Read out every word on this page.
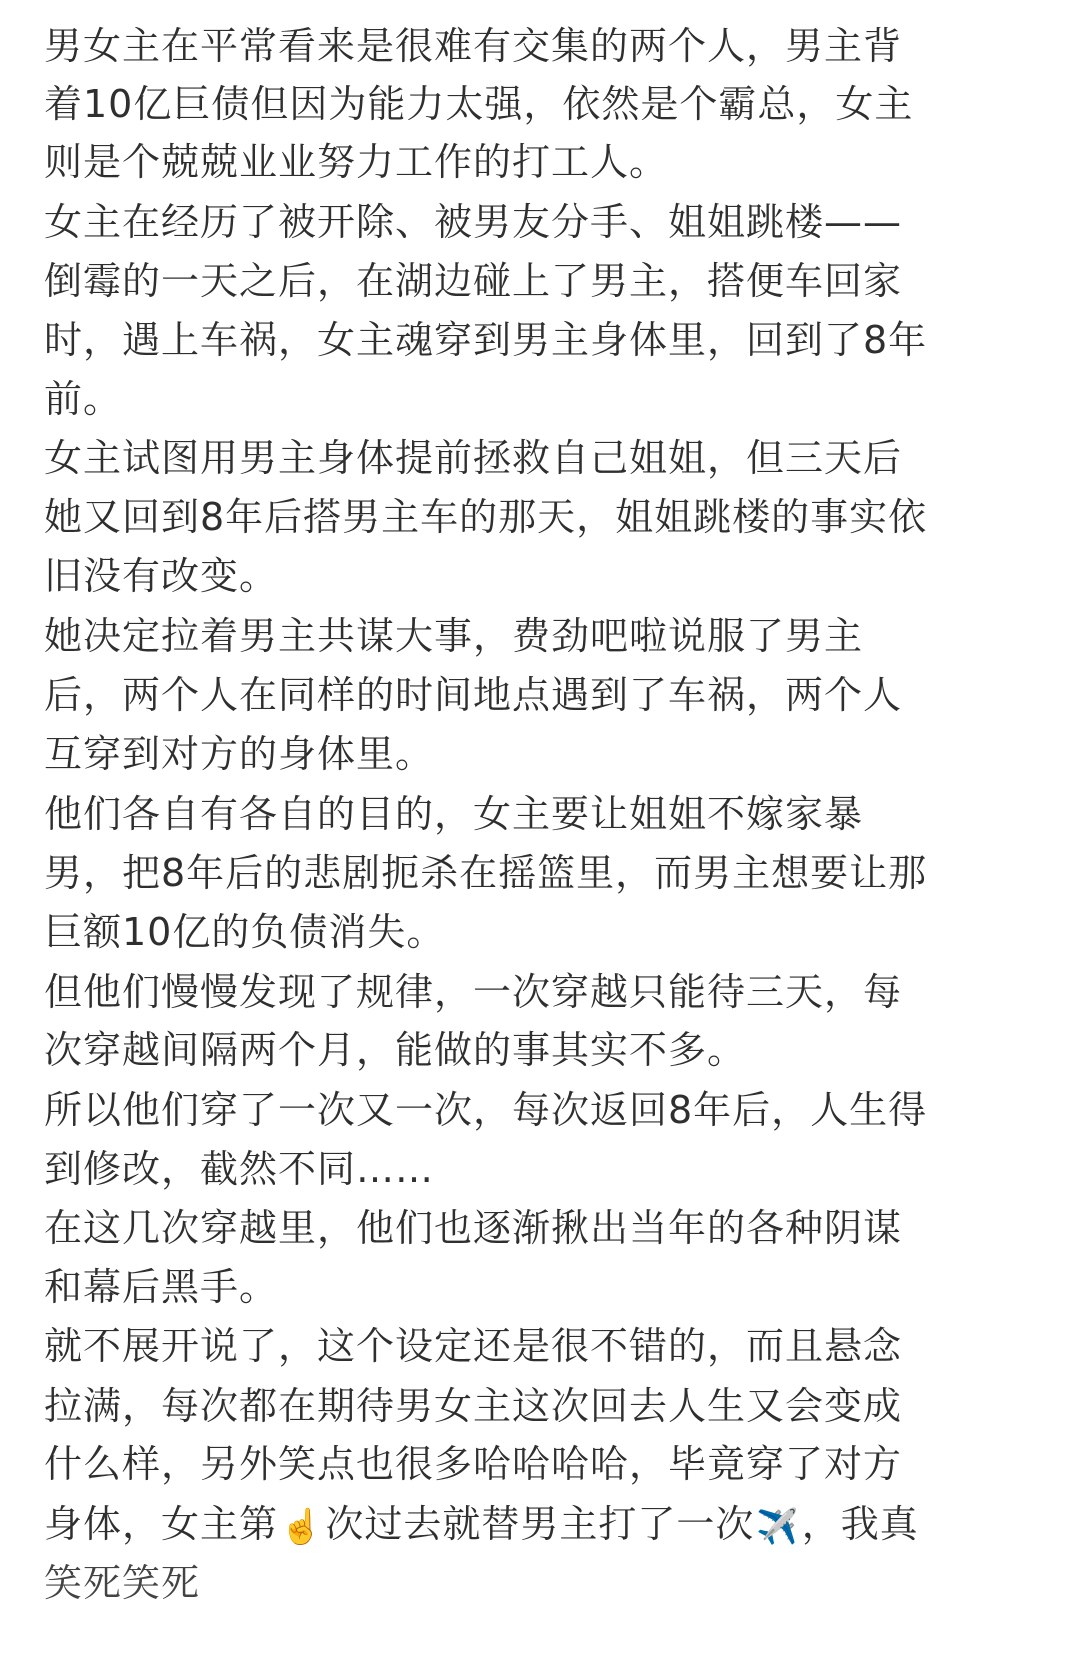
男女主在平常看来是很难有交集的两个人，男主背
着10亿巨债但因为能力太强，依然是个霸总，女主
则是个兢兢业业努力工作的打工人。
女主在经历了被开除、被男友分手、姐姐跳楼——
倒霉的一天之后，在湖边碰上了男主，搭便车回家
时，遇上车祸，女主魂穿到男主身体里，回到了8年
前。
女主试图用男主身体提前拯救自己姐姐，但三天后
她又回到8年后搭男主车的那天，姐姐跳楼的事实依
旧没有改变。
她决定拉着男主共谋大事，费劲吧啦说服了男主
后，两个人在同样的时间地点遇到了车祸，两个人
互穿到对方的身体里。
他们各自有各自的目的，女主要让姐姐不嫁家暴
男，把8年后的悲剧扼杀在摇篮里，而男主想要让那
巨额10亿的负债消失。
但他们慢慢发现了规律，一次穿越只能待三天，每
次穿越间隔两个月，能做的事其实不多。
所以他们穿了一次又一次，每次返回8年后，人生得
到修改，截然不同……
在这几次穿越里，他们也逐渐揪出当年的各种阴谋
和幕后黑手。
就不展开说了，这个设定还是很不错的，而且悬念
拉满，每次都在期待男女主这次回去人生又会变成
什么样，另外笑点也很多哈哈哈哈，毕竟穿了对方
身体，女主第☝️次过去就替男主打了一次✈️，我真
笑死笑死
